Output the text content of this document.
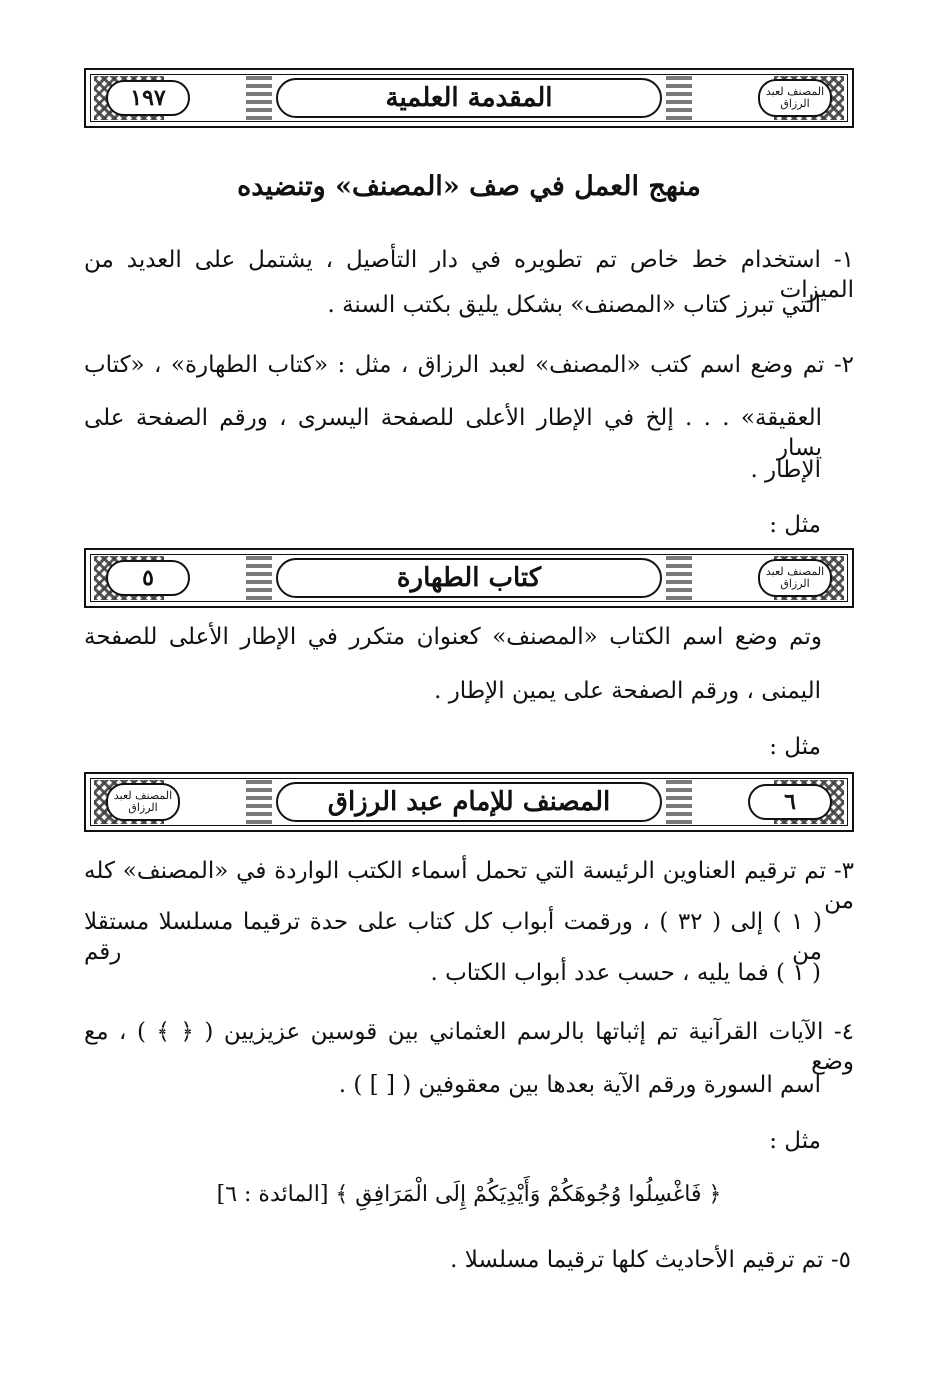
١٩٧	المقدمة العلمية	المصنف لعبد الرزاق
منهج العمل في صف «المصنف» وتنضيده
١- استخدام خط خاص تم تطويره في دار التأصيل ، يشتمل على العديد من الميزات
التي تبرز كتاب «المصنف» بشكل يليق بكتب السنة .
٢- تم وضع اسم كتب «المصنف» لعبد الرزاق ، مثل : «كتاب الطهارة» ، «كتاب
العقيقة» . . . إلخ في الإطار الأعلى للصفحة اليسرى ، ورقم الصفحة على يسار
الإطار .
مثل :
٥	كتاب الطهارة	المصنف لعبد الرزاق
وتم وضع اسم الكتاب «المصنف» كعنوان متكرر في الإطار الأعلى للصفحة
اليمنى ، ورقم الصفحة على يمين الإطار .
مثل :
المصنف لعبد الرزاق	المصنف للإمام عبد الرزاق	٦
٣- تم ترقيم العناوين الرئيسة التي تحمل أسماء الكتب الواردة في «المصنف» كله من
( ١ ) إلى ( ٣٢ ) ، ورقمت أبواب كل كتاب على حدة ترقيما مسلسلا مستقلا من رقم
( ١ ) فما يليه ، حسب عدد أبواب الكتاب .
٤- الآيات القرآنية تم إثباتها بالرسم العثماني بين قوسين عزيزيين ( ﴿ ﴾ ) ، مع وضع
اسم السورة ورقم الآية بعدها بين معقوفين ( [ ] ) .
مثل :
﴿ فَاغْسِلُوا وُجُوهَكُمْ وَأَيْدِيَكُمْ إِلَى الْمَرَافِقِ ﴾ [المائدة : ٦]
٥- تم ترقيم الأحاديث كلها ترقيما مسلسلا .
